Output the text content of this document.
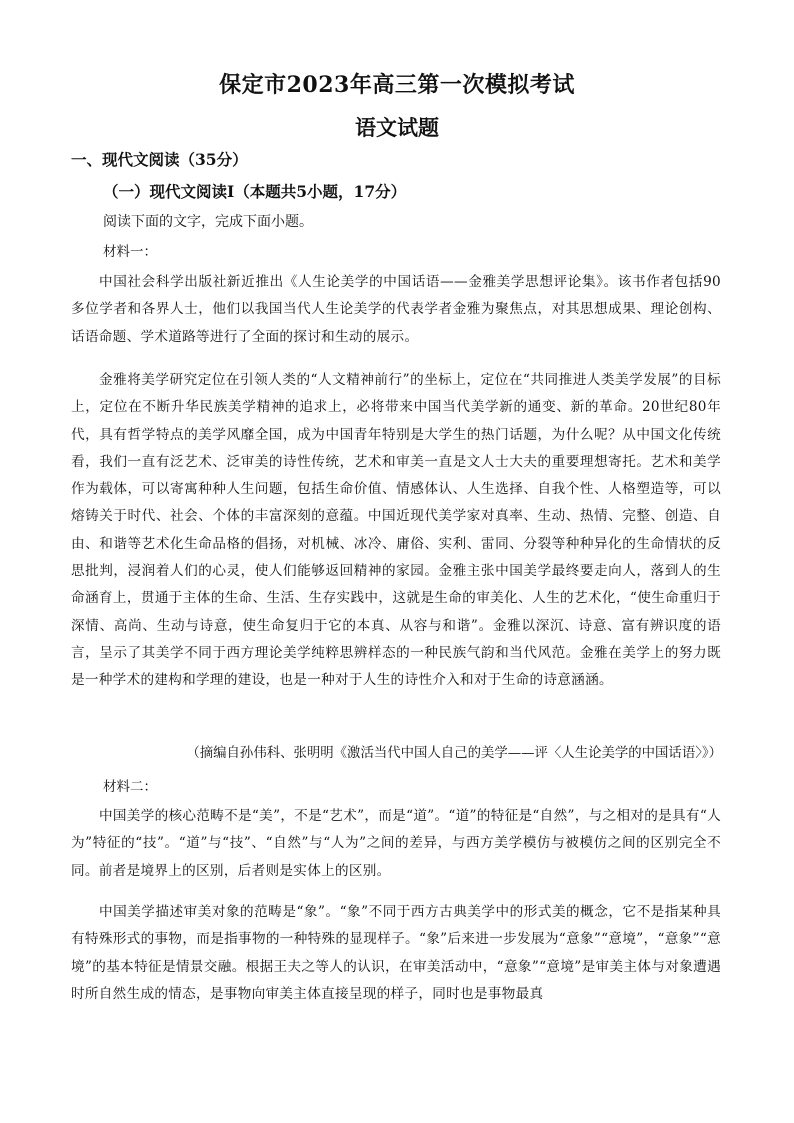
保定市2023年高三第一次模拟考试
语文试题
一、现代文阅读（35分）
（一）现代文阅读Ⅰ（本题共5小题，17分）
阅读下面的文字，完成下面小题。
材料一：
中国社会科学出版社新近推出《人生论美学的中国话语——金雅美学思想评论集》。该书作者包括90多位学者和各界人士，他们以我国当代人生论美学的代表学者金雅为聚焦点，对其思想成果、理论创构、话语命题、学术道路等进行了全面的探讨和生动的展示。
金雅将美学研究定位在引领人类的“人文精神前行”的坐标上，定位在“共同推进人类美学发展”的目标上，定位在不断升华民族美学精神的追求上，必将带来中国当代美学新的通变、新的革命。20世纪80年代，具有哲学特点的美学风靡全国，成为中国青年特别是大学生的热门话题，为什么呢？从中国文化传统看，我们一直有泛艺术、泛审美的诗性传统，艺术和审美一直是文人士大夫的重要理想寄托。艺术和美学作为载体，可以寄寓种种人生问题，包括生命价值、情感体认、人生选择、自我个性、人格塑造等，可以熔铸关于时代、社会、个体的丰富深刻的意蕴。中国近现代美学家对真率、生动、热情、完整、创造、自由、和谐等艺术化生命品格的倡扬，对机械、冰冷、庸俗、实利、雷同、分裂等种种异化的生命情状的反思批判，浸润着人们的心灵，使人们能够返回精神的家园。金雅主张中国美学最终要走向人，落到人的生命涵育上，贯通于主体的生命、生活、生存实践中，这就是生命的审美化、人生的艺术化，“使生命重归于深情、高尚、生动与诗意，使生命复归于它的本真、从容与和谐”。金雅以深沉、诗意、富有辨识度的语言，呈示了其美学不同于西方理论美学纯粹思辨样态的一种民族气韵和当代风范。金雅在美学上的努力既是一种学术的建构和学理的建设，也是一种对于人生的诗性介入和对于生命的诗意涵涵。
（摘编自孙伟科、张明明《激活当代中国人自己的美学——评〈人生论美学的中国话语〉》）
材料二：
中国美学的核心范畴不是“美”，不是“艺术”，而是“道”。“道”的特征是“自然”，与之相对的是具有“人为”特征的“技”。“道”与“技”、“自然”与“人为”之间的差异，与西方美学模仿与被模仿之间的区别完全不同。前者是境界上的区别，后者则是实体上的区别。
中国美学描述审美对象的范畴是“象”。“象”不同于西方古典美学中的形式美的概念，它不是指某种具有特殊形式的事物，而是指事物的一种特殊的显现样子。“象”后来进一步发展为“意象”“意境”，“意象”“意境”的基本特征是情景交融。根据王夫之等人的认识，在审美活动中，“意象”“意境”是审美主体与对象遭遇时所自然生成的情态，是事物向审美主体直接呈现的样子，同时也是事物最真
